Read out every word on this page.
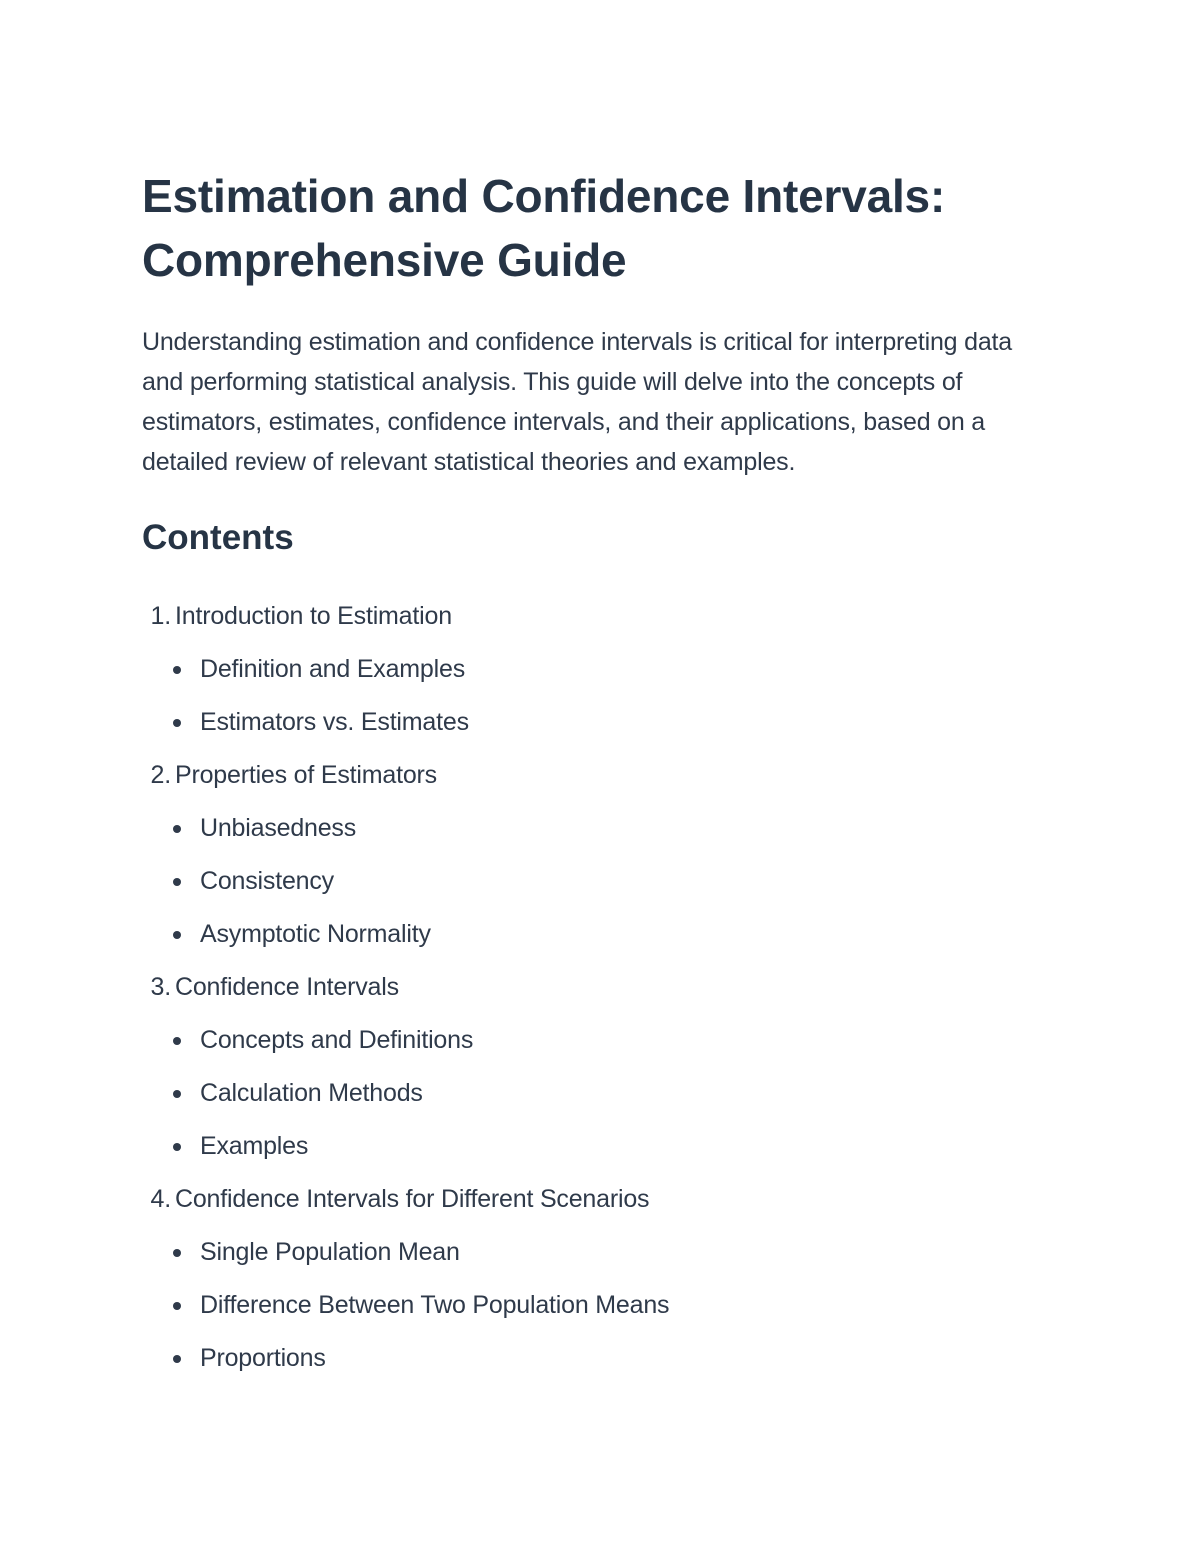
Estimation and Confidence Intervals: Comprehensive Guide

Understanding estimation and confidence intervals is critical for interpreting data and performing statistical analysis. This guide will delve into the concepts of estimators, estimates, confidence intervals, and their applications, based on a detailed review of relevant statistical theories and examples.

Contents
1. Introduction to Estimation
Definition and Examples
Estimators vs. Estimates
2. Properties of Estimators
Unbiasedness
Consistency
Asymptotic Normality
3. Confidence Intervals
Concepts and Definitions
Calculation Methods
Examples
4. Confidence Intervals for Different Scenarios
Single Population Mean
Difference Between Two Population Means
Proportions
